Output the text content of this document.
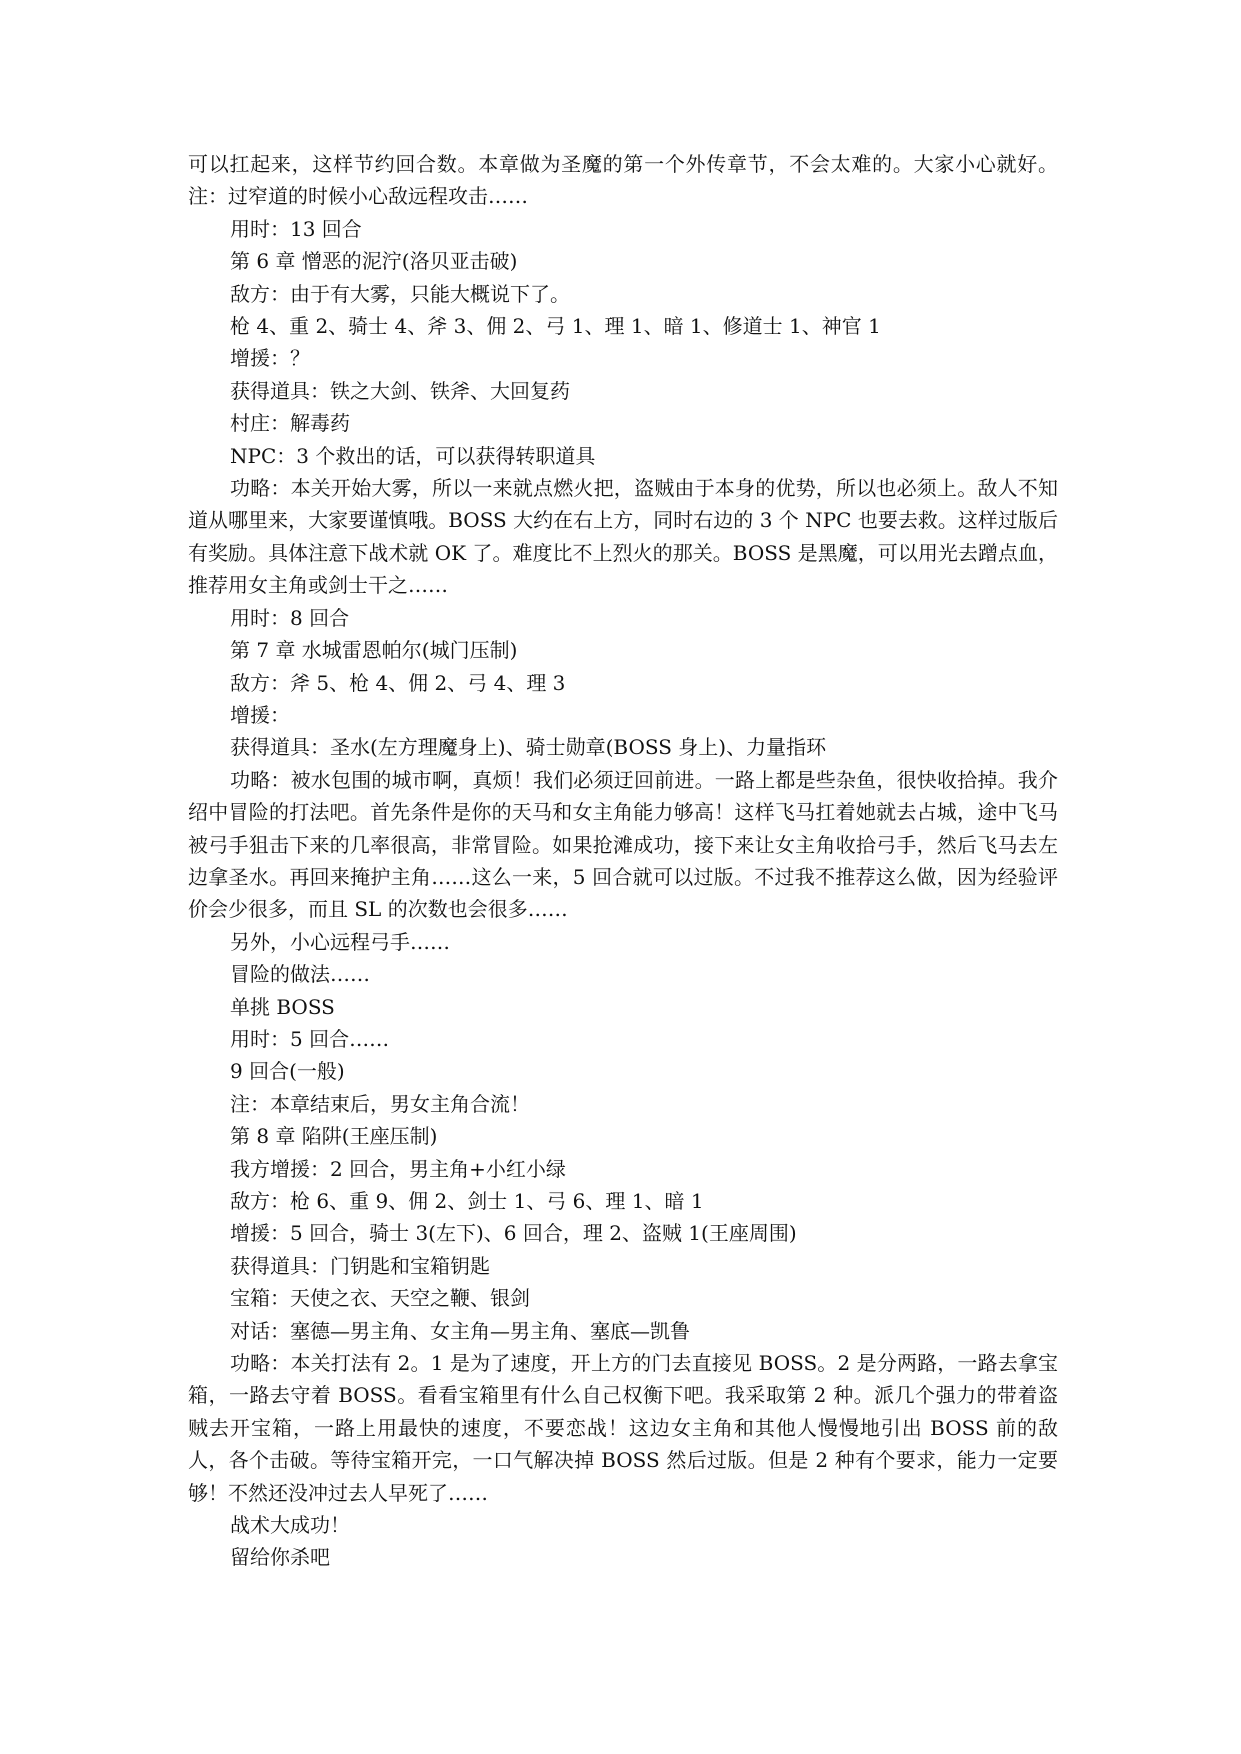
可以扛起来，这样节约回合数。本章做为圣魔的第一个外传章节，不会太难的。大家小心就好。注：过窄道的时候小心敌远程攻击……

用时：13 回合

第 6 章 憎恶的泥泞(洛贝亚击破)

敌方：由于有大雾，只能大概说下了。

枪 4、重 2、骑士 4、斧 3、佣 2、弓 1、理 1、暗 1、修道士 1、神官 1

增援：？

获得道具：铁之大剑、铁斧、大回复药

村庄：解毒药

NPC：3 个救出的话，可以获得转职道具

功略：本关开始大雾，所以一来就点燃火把，盗贼由于本身的优势，所以也必须上。敌人不知道从哪里来，大家要谨慎哦。BOSS 大约在右上方，同时右边的 3 个 NPC 也要去救。这样过版后有奖励。具体注意下战术就 OK 了。难度比不上烈火的那关。BOSS 是黑魔，可以用光去蹭点血，推荐用女主角或剑士干之……

用时：8 回合

第 7 章 水城雷恩帕尔(城门压制)

敌方：斧 5、枪 4、佣 2、弓 4、理 3

增援：

获得道具：圣水(左方理魔身上)、骑士勋章(BOSS 身上)、力量指环

功略：被水包围的城市啊，真烦！我们必须迂回前进。一路上都是些杂鱼，很快收拾掉。我介绍中冒险的打法吧。首先条件是你的天马和女主角能力够高！这样飞马扛着她就去占城，途中飞马被弓手狙击下来的几率很高，非常冒险。如果抢滩成功，接下来让女主角收拾弓手，然后飞马去左边拿圣水。再回来掩护主角……这么一来，5 回合就可以过版。不过我不推荐这么做，因为经验评价会少很多，而且 SL 的次数也会很多……

另外，小心远程弓手……

冒险的做法……

单挑 BOSS

用时：5 回合……

9 回合(一般)

注：本章结束后，男女主角合流！

第 8 章 陷阱(王座压制)

我方增援：2 回合，男主角+小红小绿

敌方：枪 6、重 9、佣 2、剑士 1、弓 6、理 1、暗 1

增援：5 回合，骑士 3(左下)、6 回合，理 2、盗贼 1(王座周围)

获得道具：门钥匙和宝箱钥匙

宝箱：天使之衣、天空之鞭、银剑

对话：塞德—男主角、女主角—男主角、塞底—凯鲁

功略：本关打法有 2。1 是为了速度，开上方的门去直接见 BOSS。2 是分两路，一路去拿宝箱，一路去守着 BOSS。看看宝箱里有什么自己权衡下吧。我采取第 2 种。派几个强力的带着盗贼去开宝箱，一路上用最快的速度，不要恋战！这边女主角和其他人慢慢地引出 BOSS 前的敌人，各个击破。等待宝箱开完，一口气解决掉 BOSS 然后过版。但是 2 种有个要求，能力一定要够！不然还没冲过去人早死了……

战术大成功！

留给你杀吧
